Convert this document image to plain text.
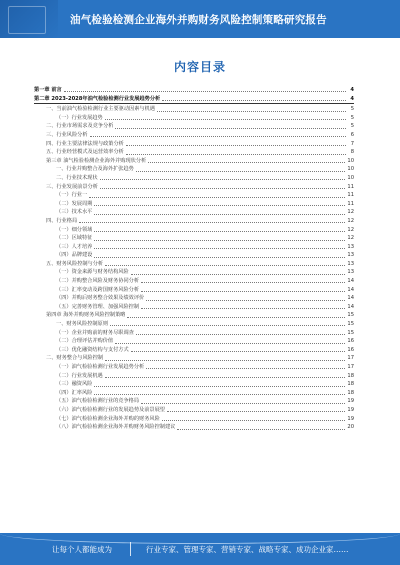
油气检验检测企业海外并购财务风险控制策略研究报告
内容目录
第一章 前言	4
第二章 2023-2028年油气检验检测行业发展趋势分析	4
一、当前油气检验检测行业主要驱动因素与机遇	5
（一）行业发展趋势	5
二、行业市场需求及竞争分析	5
三、行业风险分析	6
四、行业主要法律法规与政策分析	7
五、行业经营模式及运营效率分析	8
第三章 油气检验检测企业海外并购现状分析	10
一、行业并购整合及海外扩张趋势	10
二、行业技术现状	10
三、行业发展前景分析	11
（一）行业一	11
（二）发展周期	11
（三）技术水平	12
四、行业格局	12
（一）细分领域	12
（二）区域特征	12
（三）人才培养	13
（四）品牌建设	13
五、财务风险控制与分析	13
（一）资金来源与财务结构风险	13
（二）并购整合风险及财务协同分析	14
（三）汇率变动及跨国财务风险分析	14
（四）并购后财务整合效果及绩效评价	14
（五）完善财务管理、加强风险控制	14
第四章 海外并购财务风险控制策略	15
一、财务风险控制原则	15
（一）企业并购前的财务尽职调查	15
（二）合理评估并购价值	16
（三）优化融资结构与支付方式	16
二、财务整合与风险控制	17
（一）油气检验检测行业发展趋势分析	17
（二）行业发展机遇	18
（三）融资风险	18
（四）汇率风险	18
（五）油气检验检测行业的竞争格局	19
（六）油气检验检测行业的发展趋势及前景展望	19
（七）油气检验检测企业海外并购的财务风险	19
（八）油气检验检测企业海外并购财务风险控制建议	20
让每个人都能成为	行业专家、管理专家、营销专家、战略专家、成功企业家……
